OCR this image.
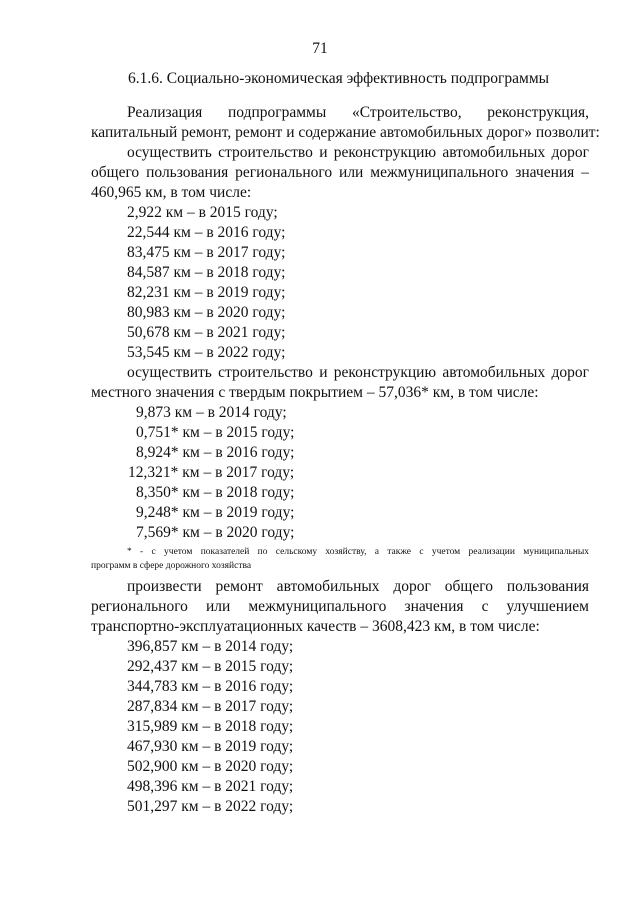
71
6.1.6. Социально-экономическая эффективность подпрограммы
Реализация подпрограммы «Строительство, реконструкция,
капитальный ремонт, ремонт и содержание автомобильных дорог» позволит:
осуществить строительство и реконструкцию автомобильных дорог
общего пользования регионального или межмуниципального значения –
460,965 км, в том числе:
2,922 км – в 2015 году;
22,544 км – в 2016 году;
83,475 км – в 2017 году;
84,587 км – в 2018 году;
82,231 км – в 2019 году;
80,983 км – в 2020 году;
50,678 км – в 2021 году;
53,545 км – в 2022 году;
осуществить строительство и реконструкцию автомобильных дорог
местного значения с твердым покрытием – 57,036* км, в том числе:
9,873 км – в 2014 году;
0,751* км – в 2015 году;
8,924* км – в 2016 году;
12,321* км – в 2017 году;
8,350* км – в 2018 году;
9,248* км – в 2019 году;
7,569* км – в 2020 году;
* - с учетом показателей по сельскому хозяйству, а также с учетом реализации муниципальных
программ в сфере дорожного хозяйства
произвести ремонт автомобильных дорог общего пользования
регионального или межмуниципального значения с улучшением
транспортно-эксплуатационных качеств – 3608,423 км, в том числе:
396,857 км – в 2014 году;
292,437 км – в 2015 году;
344,783 км – в 2016 году;
287,834 км – в 2017 году;
315,989 км – в 2018 году;
467,930 км – в 2019 году;
502,900 км – в 2020 году;
498,396 км – в 2021 году;
501,297 км – в 2022 году;
